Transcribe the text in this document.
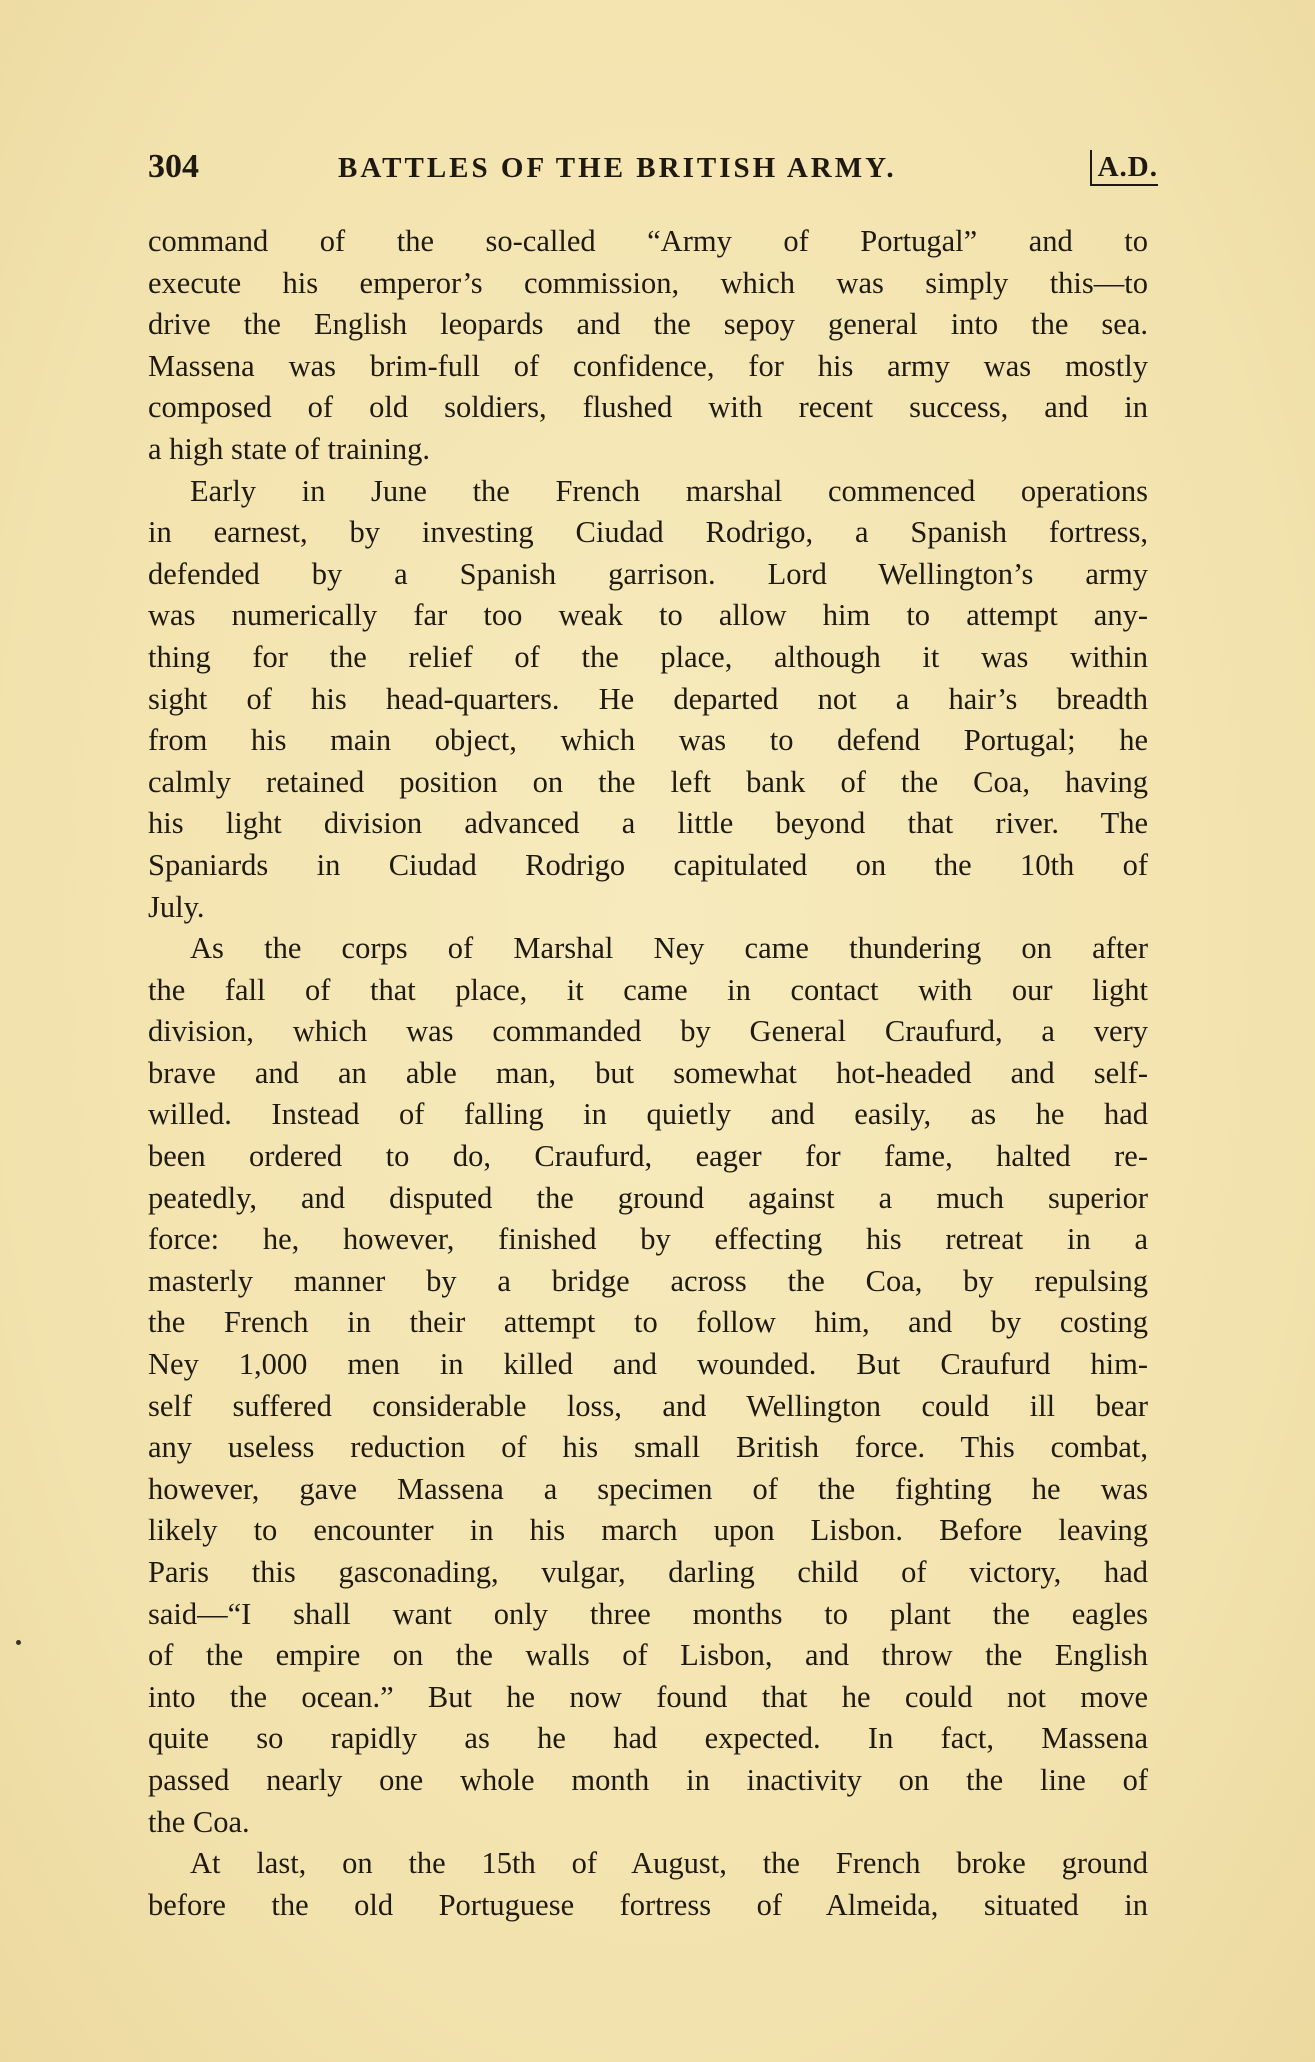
304	BATTLES OF THE BRITISH ARMY.	A.D.
command of the so-called “Army of Portugal” and to
execute his emperor’s commission, which was simply this—to
drive the English leopards and the sepoy general into the sea.
Massena was brim-full of confidence, for his army was mostly
composed of old soldiers, flushed with recent success, and in
a high state of training.
Early in June the French marshal commenced operations
in earnest, by investing Ciudad Rodrigo, a Spanish fortress,
defended by a Spanish garrison. Lord Wellington’s army
was numerically far too weak to allow him to attempt any-
thing for the relief of the place, although it was within
sight of his head-quarters. He departed not a hair’s breadth
from his main object, which was to defend Portugal; he
calmly retained position on the left bank of the Coa, having
his light division advanced a little beyond that river. The
Spaniards in Ciudad Rodrigo capitulated on the 10th of
July.
As the corps of Marshal Ney came thundering on after
the fall of that place, it came in contact with our light
division, which was commanded by General Craufurd, a very
brave and an able man, but somewhat hot-headed and self-
willed. Instead of falling in quietly and easily, as he had
been ordered to do, Craufurd, eager for fame, halted re-
peatedly, and disputed the ground against a much superior
force: he, however, finished by effecting his retreat in a
masterly manner by a bridge across the Coa, by repulsing
the French in their attempt to follow him, and by costing
Ney 1,000 men in killed and wounded. But Craufurd him-
self suffered considerable loss, and Wellington could ill bear
any useless reduction of his small British force. This combat,
however, gave Massena a specimen of the fighting he was
likely to encounter in his march upon Lisbon. Before leaving
Paris this gasconading, vulgar, darling child of victory, had
said—“I shall want only three months to plant the eagles
of the empire on the walls of Lisbon, and throw the English
into the ocean.” But he now found that he could not move
quite so rapidly as he had expected. In fact, Massena
passed nearly one whole month in inactivity on the line of
the Coa.
At last, on the 15th of August, the French broke ground
before the old Portuguese fortress of Almeida, situated in
